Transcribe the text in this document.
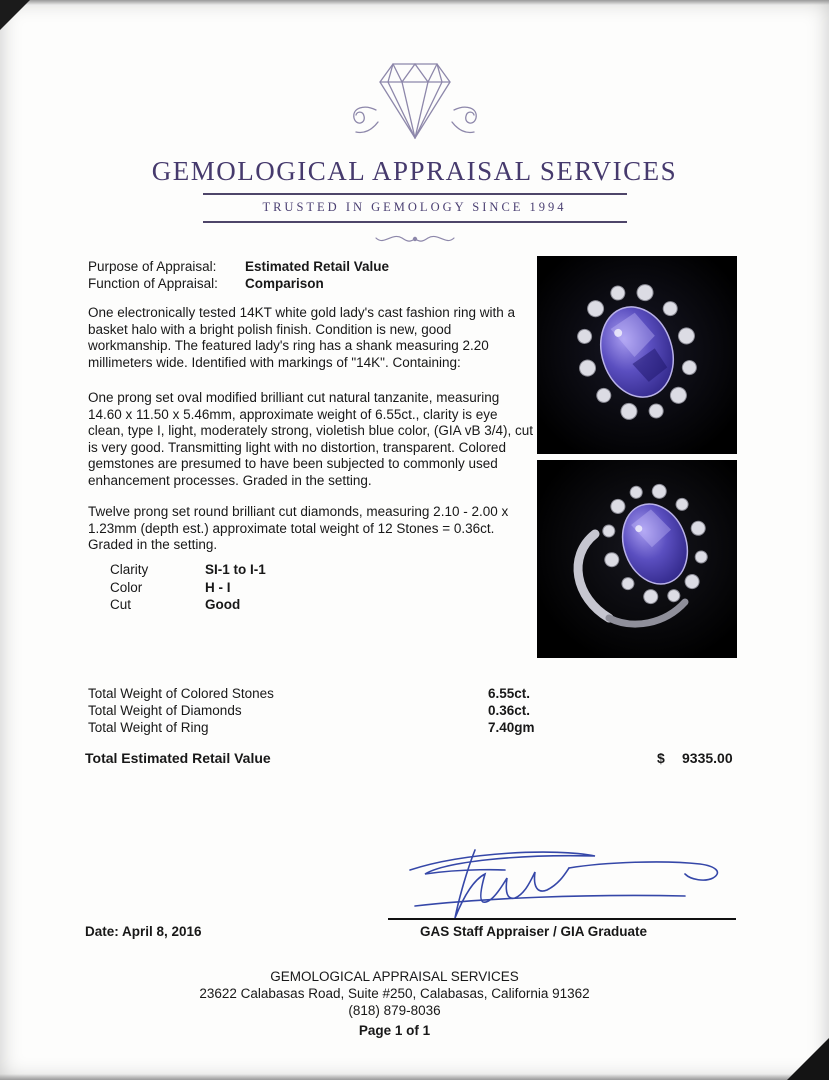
GEMOLOGICAL APPRAISAL SERVICES
TRUSTED IN GEMOLOGY SINCE 1994
Purpose of Appraisal:	Estimated Retail Value
Function of Appraisal:	Comparison

One electronically tested 14KT white gold lady's cast fashion ring with a basket halo with a bright polish finish. Condition is new, good workmanship. The featured lady's ring has a shank measuring 2.20 millimeters wide. Identified with markings of "14K". Containing:

One prong set oval modified brilliant cut natural tanzanite, measuring 14.60 x 11.50 x 5.46mm, approximate weight of 6.55ct., clarity is eye clean, type I, light, moderately strong, violetish blue color, (GIA vB 3/4), cut is very good. Transmitting light with no distortion, transparent. Colored gemstones are presumed to have been subjected to commonly used enhancement processes. Graded in the setting.

Twelve prong set round brilliant cut diamonds, measuring 2.10 - 2.00 x 1.23mm (depth est.) approximate total weight of 12 Stones = 0.36ct. Graded in the setting.

Clarity	SI-1 to I-1
Color	H - I
Cut	Good
Total Weight of Colored Stones	6.55ct.
Total Weight of Diamonds	0.36ct.
Total Weight of Ring	7.40gm
Total Estimated Retail Value	$ 9335.00
Date: April 8, 2016	GAS Staff Appraiser / GIA Graduate
GEMOLOGICAL APPRAISAL SERVICES
23622 Calabasas Road, Suite #250, Calabasas, California 91362
(818) 879-8036
Page 1 of 1
